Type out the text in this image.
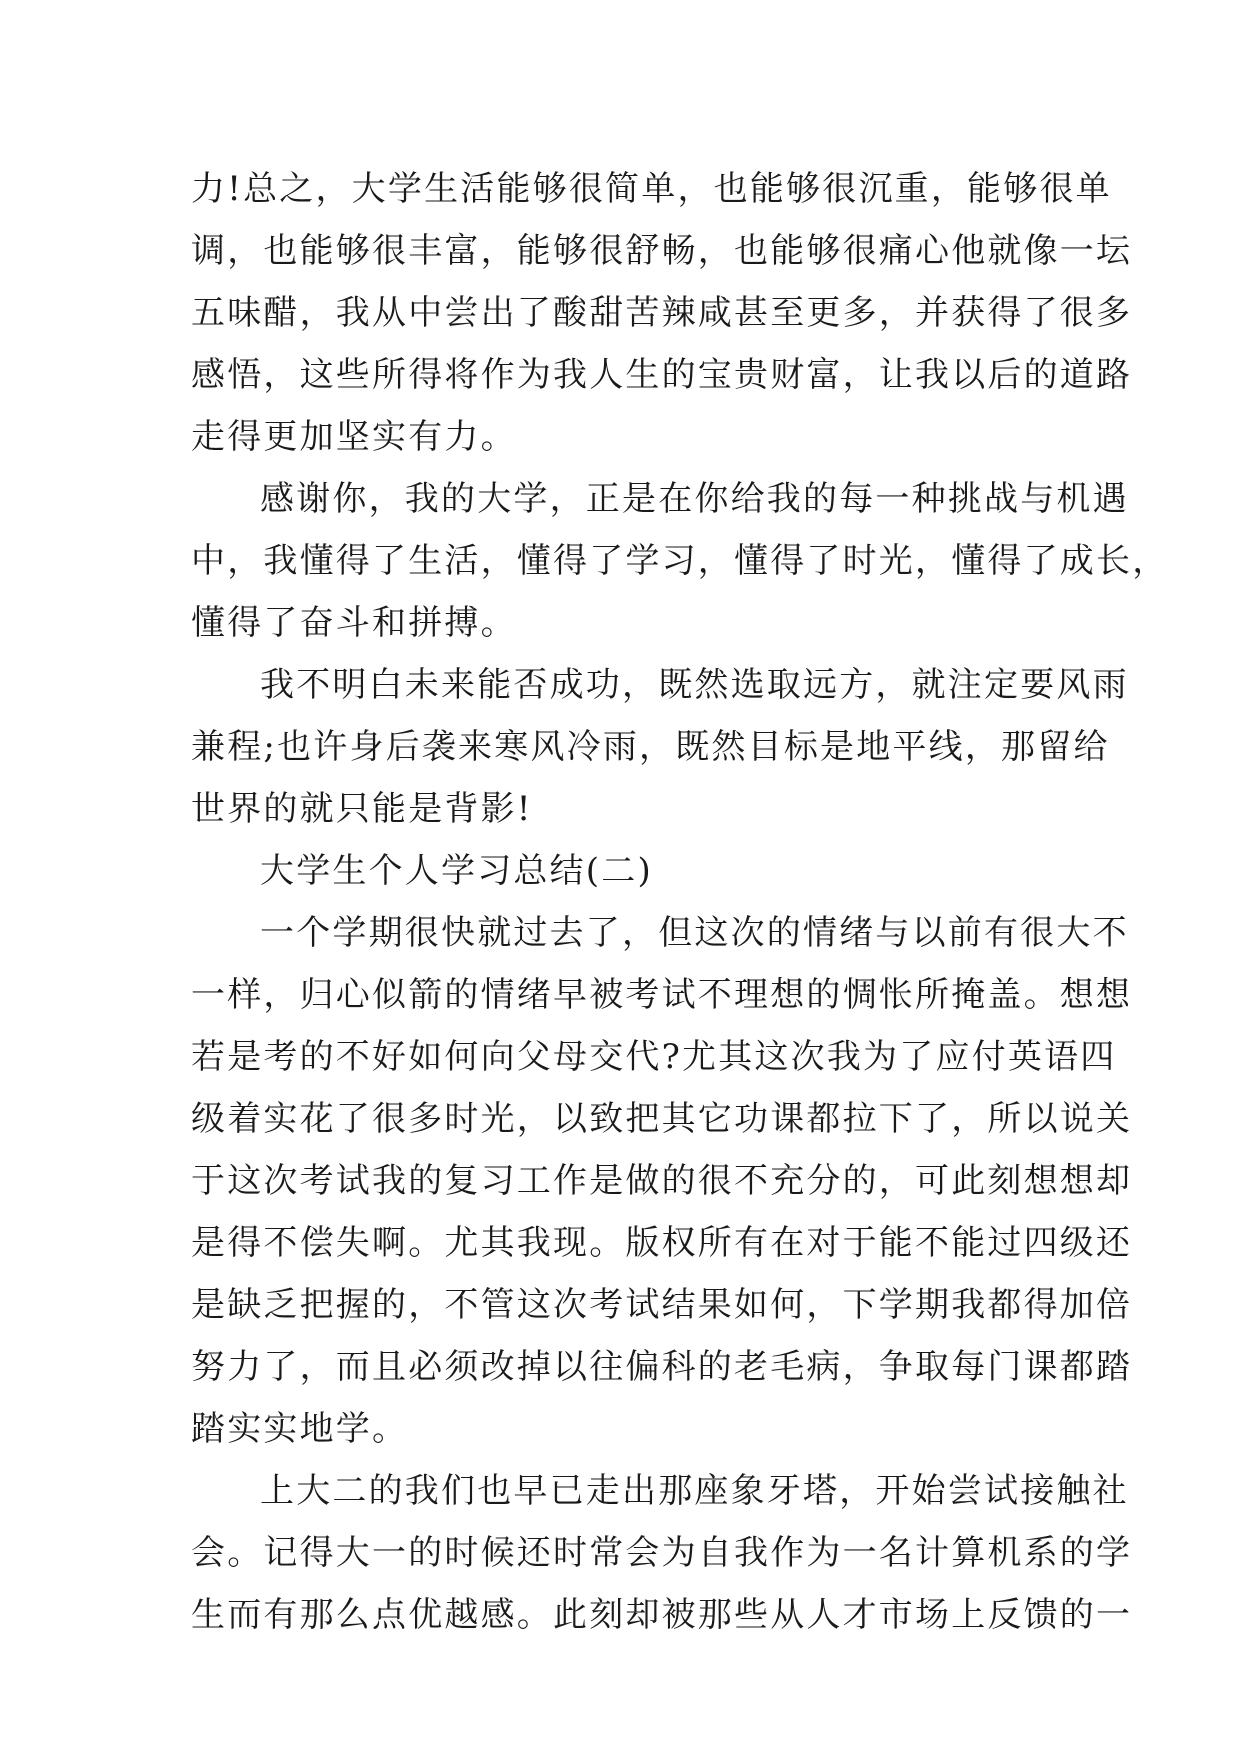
力!总之，大学生活能够很简单，也能够很沉重，能够很单
调，也能够很丰富，能够很舒畅，也能够很痛心他就像一坛
五味醋，我从中尝出了酸甜苦辣咸甚至更多，并获得了很多
感悟，这些所得将作为我人生的宝贵财富，让我以后的道路
走得更加坚实有力。
感谢你，我的大学，正是在你给我的每一种挑战与机遇
中，我懂得了生活，懂得了学习，懂得了时光，懂得了成长，
懂得了奋斗和拼搏。
我不明白未来能否成功，既然选取远方，就注定要风雨
兼程;也许身后袭来寒风冷雨，既然目标是地平线，那留给
世界的就只能是背影!
大学生个人学习总结(二)
一个学期很快就过去了，但这次的情绪与以前有很大不
一样，归心似箭的情绪早被考试不理想的惆怅所掩盖。想想
若是考的不好如何向父母交代?尤其这次我为了应付英语四
级着实花了很多时光，以致把其它功课都拉下了，所以说关
于这次考试我的复习工作是做的很不充分的，可此刻想想却
是得不偿失啊。尤其我现。版权所有在对于能不能过四级还
是缺乏把握的，不管这次考试结果如何，下学期我都得加倍
努力了，而且必须改掉以往偏科的老毛病，争取每门课都踏
踏实实地学。
上大二的我们也早已走出那座象牙塔，开始尝试接触社
会。记得大一的时候还时常会为自我作为一名计算机系的学
生而有那么点优越感。此刻却被那些从人才市场上反馈的一
